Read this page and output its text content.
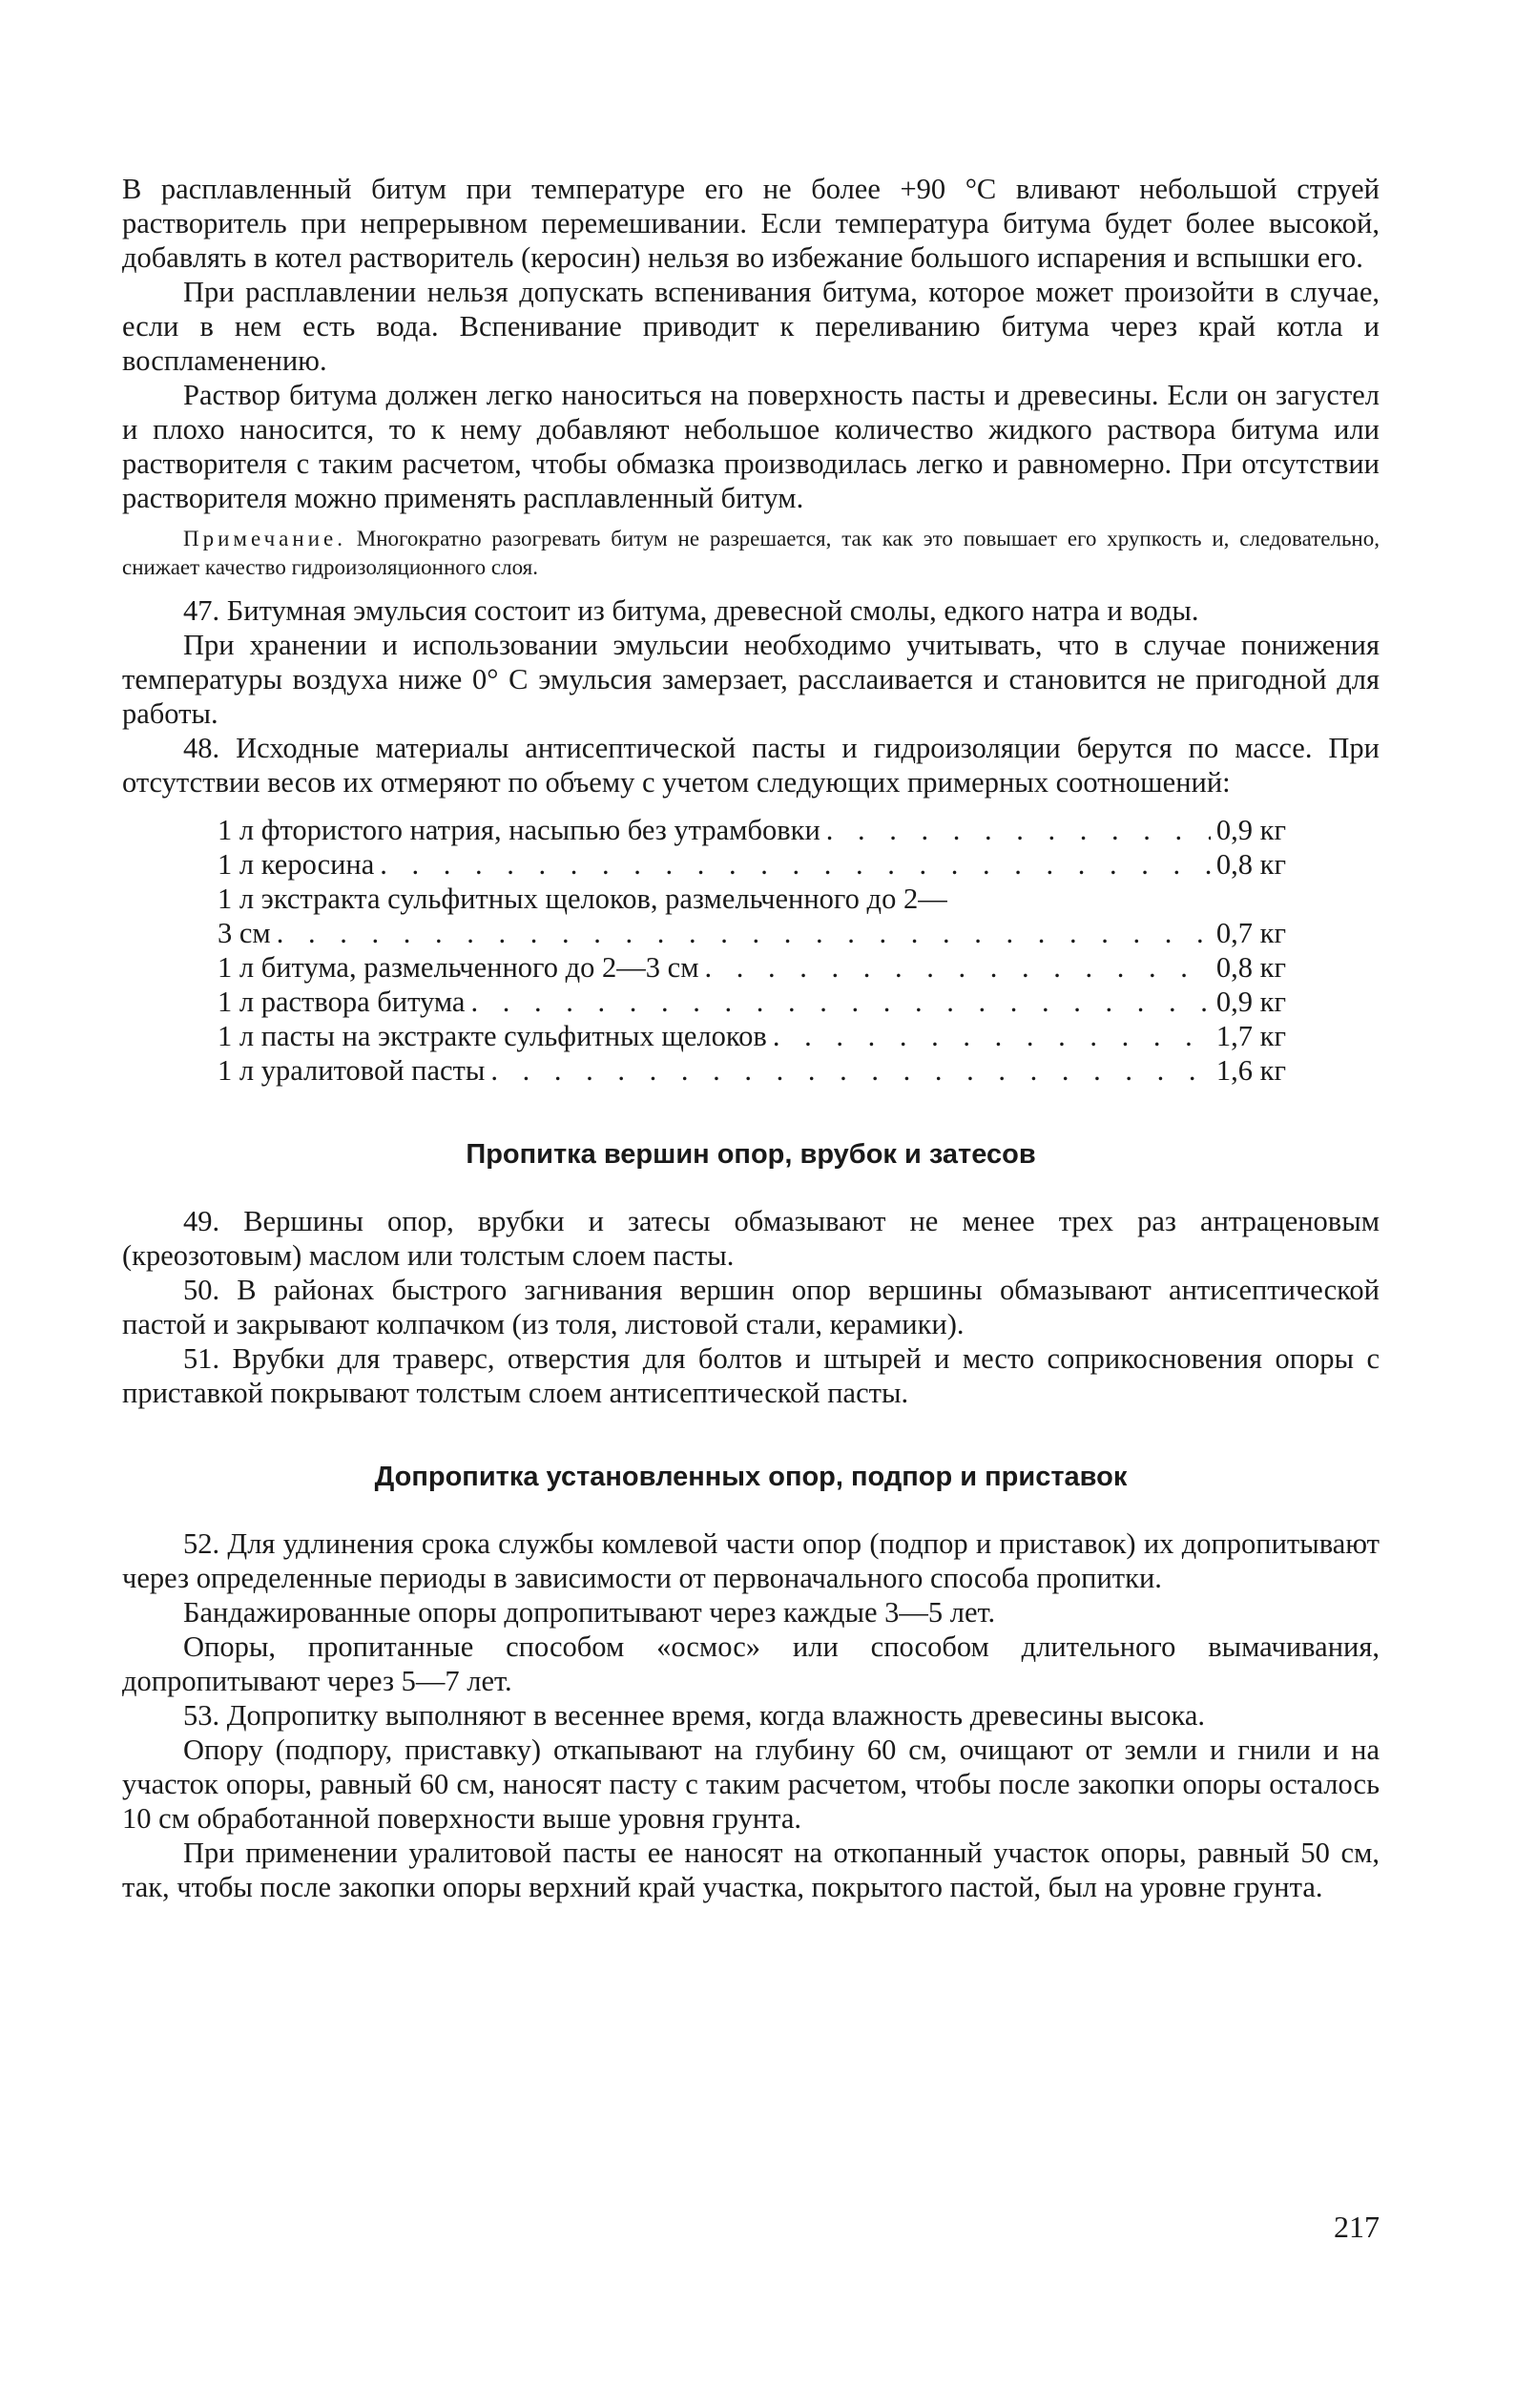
В расплавленный битум при температуре его не более +90 °С вливают небольшой струей растворитель при непрерывном перемешивании. Если температура битума будет более высокой, добавлять в котел растворитель (керосин) нельзя во избежание большого испарения и вспышки его.

При расплавлении нельзя допускать вспенивания битума, которое может произойти в случае, если в нем есть вода. Вспенивание приводит к переливанию битума через край котла и воспламенению.

Раствор битума должен легко наноситься на поверхность пасты и древесины. Если он загустел и плохо наносится, то к нему добавляют небольшое количество жидкого раствора битума или растворителя с таким расчетом, чтобы обмазка производилась легко и равномерно. При отсутствии растворителя можно применять расплавленный битум.

Примечание. Многократно разогревать битум не разрешается, так как это повышает его хрупкость и, следовательно, снижает качество гидроизоляционного слоя.

47. Битумная эмульсия состоит из битума, древесной смолы, едкого натра и воды.

При хранении и использовании эмульсии необходимо учитывать, что в случае понижения температуры воздуха ниже 0° С эмульсия замерзает, расслаивается и становится не пригодной для работы.

48. Исходные материалы антисептической пасты и гидроизоляции берутся по массе. При отсутствии весов их отмеряют по объему с учетом следующих примерных соотношений:

1 л фтористого натрия, насыпью без утрамбовки . . .	0,9 кг
1 л керосина . . .	0,8 кг
1 л экстракта сульфитных щелоков, размельченного до 2—
3 см . . .	0,7 кг
1 л битума, размельченного до 2—3 см . . .	0,8 кг
1 л раствора битума . . .	0,9 кг
1 л пасты на экстракте сульфитных щелоков . . .	1,7 кг
1 л уралитовой пасты . . .	1,6 кг
Пропитка вершин опор, врубок и затесов

49. Вершины опор, врубки и затесы обмазывают не менее трех раз антраценовым (креозотовым) маслом или толстым слоем пасты.

50. В районах быстрого загнивания вершин опор вершины обмазывают антисептической пастой и закрывают колпачком (из толя, листовой стали, керамики).

51. Врубки для траверс, отверстия для болтов и штырей и место соприкосновения опоры с приставкой покрывают толстым слоем антисептической пасты.

Допропитка установленных опор, подпор и приставок

52. Для удлинения срока службы комлевой части опор (подпор и приставок) их допропитывают через определенные периоды в зависимости от первоначального способа пропитки.

Бандажированные опоры допропитывают через каждые 3—5 лет.

Опоры, пропитанные способом «осмос» или способом длительного вымачивания, допропитывают через 5—7 лет.

53. Допропитку выполняют в весеннее время, когда влажность древесины высока.

Опору (подпору, приставку) откапывают на глубину 60 см, очищают от земли и гнили и на участок опоры, равный 60 см, наносят пасту с таким расчетом, чтобы после закопки опоры осталось 10 см обработанной поверхности выше уровня грунта.

При применении уралитовой пасты ее наносят на откопанный участок опоры, равный 50 см, так, чтобы после закопки опоры верхний край участка, покрытого пастой, был на уровне грунта.

217
